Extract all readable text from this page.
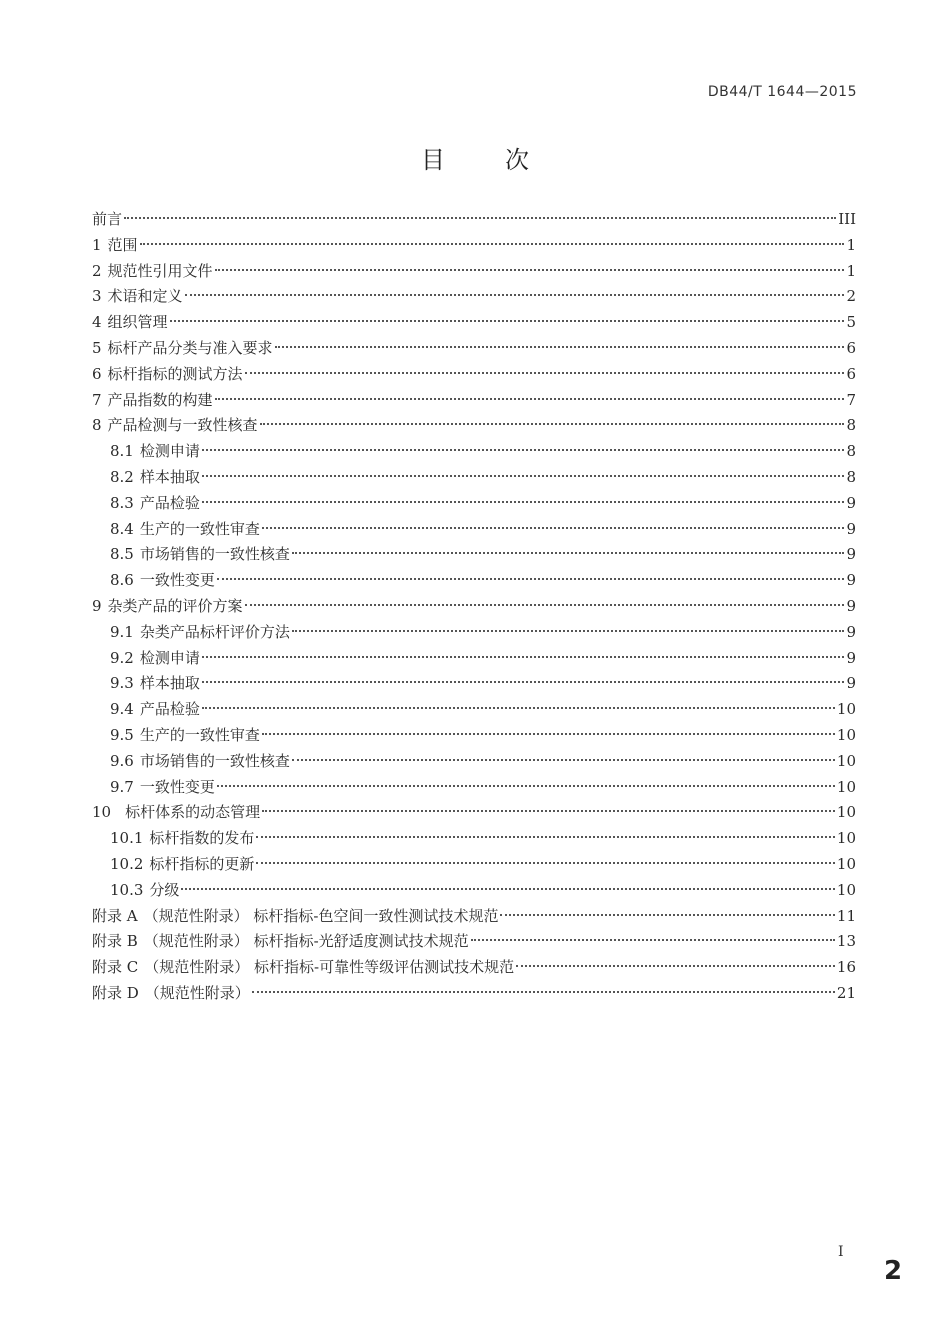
DB44/T 1644—2015
目	次
前言	III
1 范围	1
2 规范性引用文件	1
3 术语和定义	2
4 组织管理	5
5 标杆产品分类与准入要求	6
6 标杆指标的测试方法	6
7 产品指数的构建	7
8 产品检测与一致性核查	8
8.1 检测申请	8
8.2 样本抽取	8
8.3 产品检验	9
8.4 生产的一致性审查	9
8.5 市场销售的一致性核查	9
8.6 一致性变更	9
9 杂类产品的评价方案	9
9.1 杂类产品标杆评价方法	9
9.2 检测申请	9
9.3 样本抽取	9
9.4 产品检验	10
9.5 生产的一致性审查	10
9.6 市场销售的一致性核查	10
9.7 一致性变更	10
10 标杆体系的动态管理	10
10.1 标杆指数的发布	10
10.2 标杆指标的更新	10
10.3 分级	10
附录 A （规范性附录） 标杆指标-色空间一致性测试技术规范	11
附录 B （规范性附录） 标杆指标-光舒适度测试技术规范	13
附录 C （规范性附录） 标杆指标-可靠性等级评估测试技术规范	16
附录 D （规范性附录）	21
I
2
